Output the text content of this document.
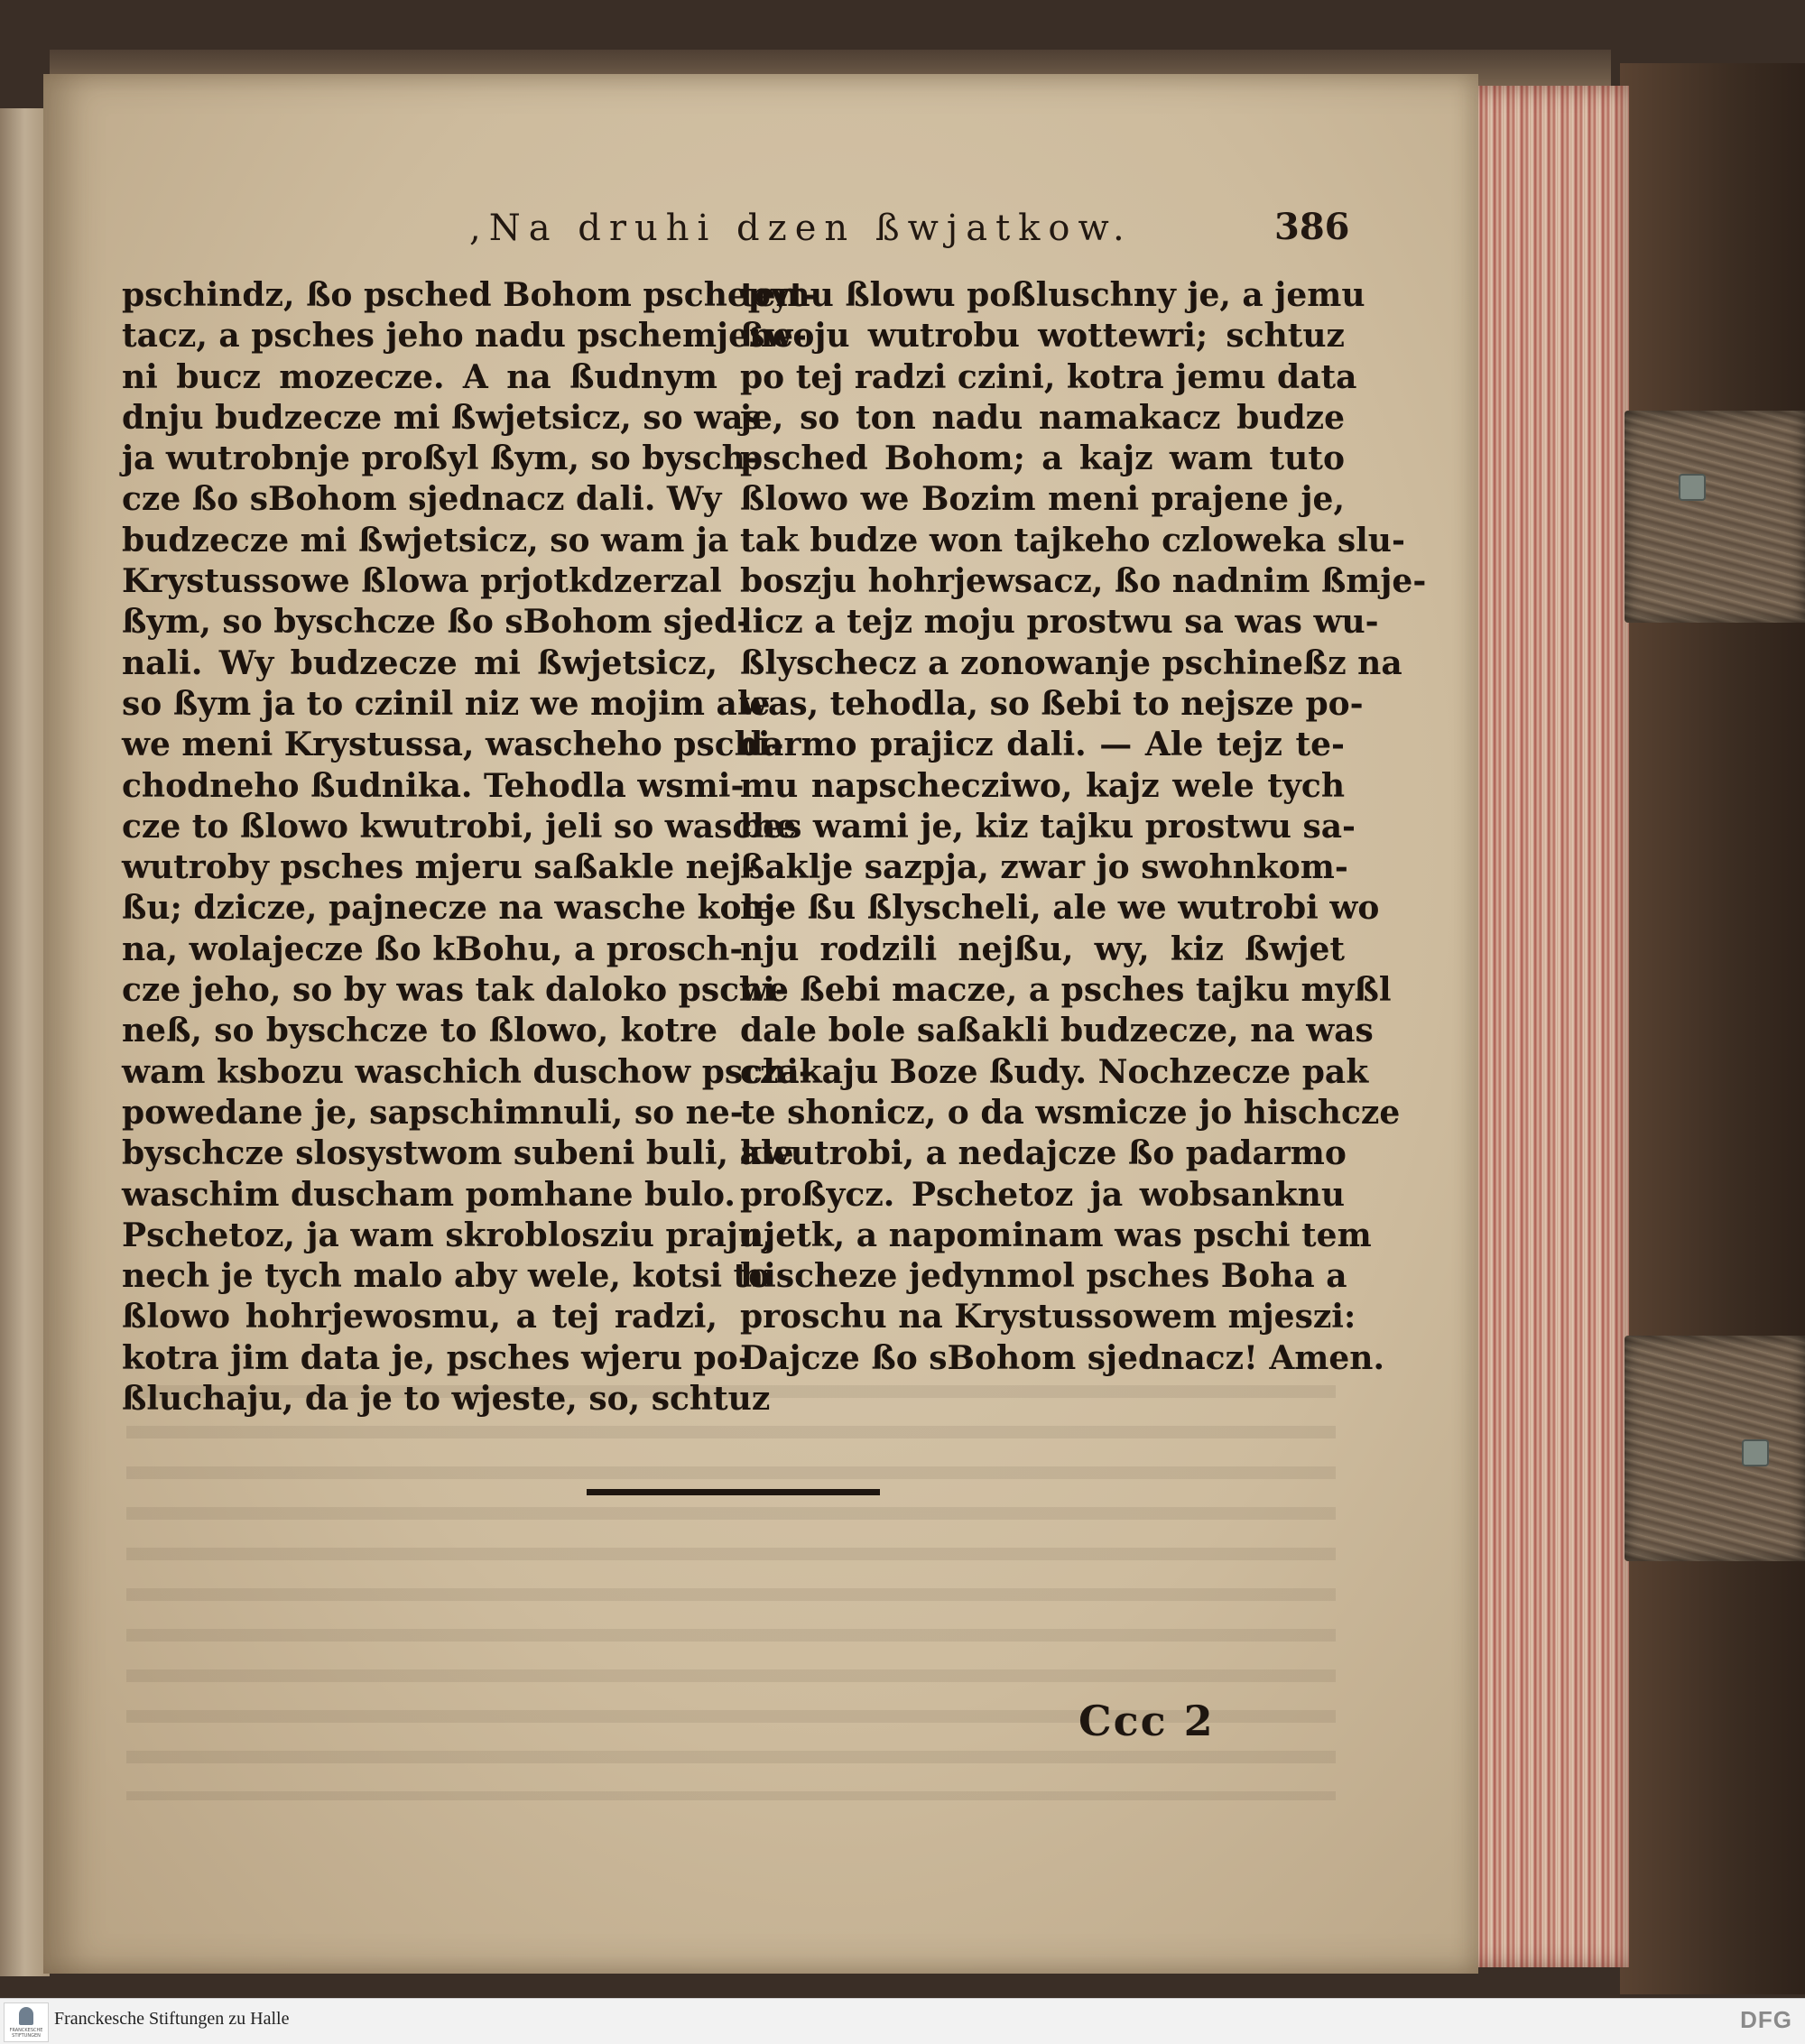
,Na druhi dzen ßwjatkow.	386
pschindz, ßo psched Bohom pschepyt-
tacz, a psches jeho nadu pschemjene-
ni bucz mozecze. A na ßudnym
dnju budzecze mi ßwjetsicz, so was
ja wutrobnje proßyl ßym, so bysch-
cze ßo sBohom sjednacz dali. Wy
budzecze mi ßwjetsicz, so wam ja
Krystussowe ßlowa prjotkdzerzal
ßym, so byschcze ßo sBohom sjed-
nali. Wy budzecze mi ßwjetsicz,
so ßym ja to czinil niz we mojim ale
we meni Krystussa, wascheho pschi-
chodneho ßudnika. Tehodla wsmi-
cze to ßlowo kwutrobi, jeli so wasche
wutroby psches mjeru saßakle nej-
ßu; dzicze, pajnecze na wasche kole-
na, wolajecze ßo kBohu, a prosch-
cze jeho, so by was tak daloko pschi-
neß, so byschcze to ßlowo, kotre
wam ksbozu waschich duschow pschi-
powedane je, sapschimnuli, so ne-
byschcze slosystwom subeni buli, ale
waschim duscham pomhane bulo.
Pschetoz, ja wam skroblosziu praju,
nech je tych malo aby wele, kotsi to
ßlowo hohrjewosmu, a tej radzi,
kotra jim data je, psches wjeru po-
ßluchaju, da je to wjeste, so, schtuz
temu ßlowu poßluschny je, a jemu
ßwoju wutrobu wottewri; schtuz
po tej radzi czini, kotra jemu data
je, so ton nadu namakacz budze
psched Bohom; a kajz wam tuto
ßlowo we Bozim meni prajene je,
tak budze won tajkeho czloweka slu-
boszju hohrjewsacz, ßo nadnim ßmje-
licz a tejz moju prostwu sa was wu-
ßlyschecz a zonowanje pschineßz na
was, tehodla, so ßebi to nejsze po-
darmo prajicz dali. — Ale tejz te-
mu napschecziwo, kajz wele tych
bes wami je, kiz tajku prostwu sa-
ßaklje sazpja, zwar jo swohnkom-
nje ßu ßlyscheli, ale we wutrobi wo
nju rodzili nejßu, wy, kiz ßwjet
we ßebi macze, a psches tajku myßl
dale bole saßakli budzecze, na was
czakaju Boze ßudy. Nochzecze pak
te shonicz, o da wsmicze jo hischcze
kwutrobi, a nedajcze ßo padarmo
proßycz. Pschetoz ja wobsanknu
njetk, a napominam was pschi tem
hischeze jedynmol psches Boha a
proschu na Krystussowem mjeszi:
Dajcze ßo sBohom sjednacz! Amen.
Ccc 2
FRANCKESCHE STIFTUNGEN
Franckesche Stiftungen zu Halle	DFG
